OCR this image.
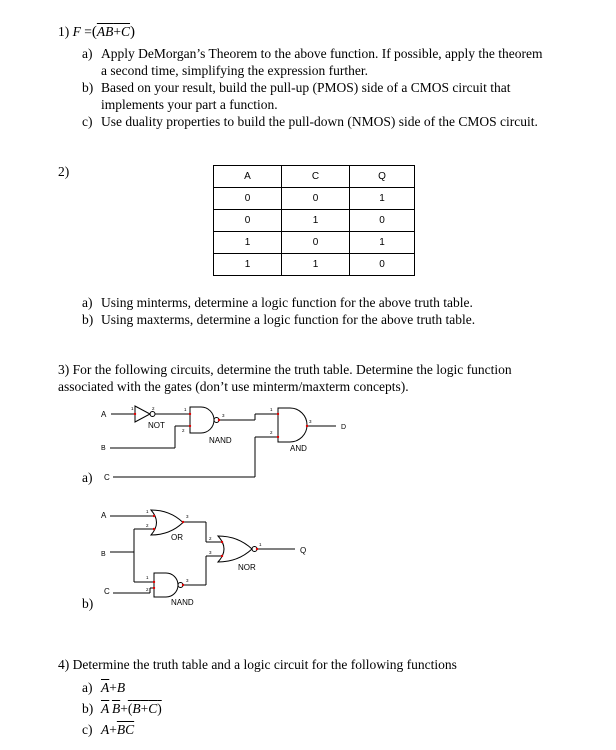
1) F =(AB+C)
a) Apply DeMorgan’s Theorem to the above function. If possible, apply the theorem
a second time, simplifying the expression further.
b) Based on your result, build the pull-up (PMOS) side of a CMOS circuit that
implements your part a function.
c) Use duality properties to build the pull-down (NMOS) side of the CMOS circuit.
2)	A	C	Q
0	0	1
0	1	0
1	0	1
1	1	0
a) Using minterms, determine a logic function for the above truth table.
b) Using maxterms, determine a logic function for the above truth table.
3) For the following circuits, determine the truth table. Determine the logic function
associated with the gates (don’t use minterm/maxterm concepts).
1	2	1
2
3
1
2
3
A
B
C
D
NOT
NAND
AND
a)
1
2
3
1
2
3
2
3
1
A
B
C
Q
OR
NAND
NOR
b)
4) Determine the truth table and a logic circuit for the following functions
a) $\overline{A}+B$
b) $\overline{A}$  $\overline{B}+(B+C)$
c) $A+\overline{BC}$
